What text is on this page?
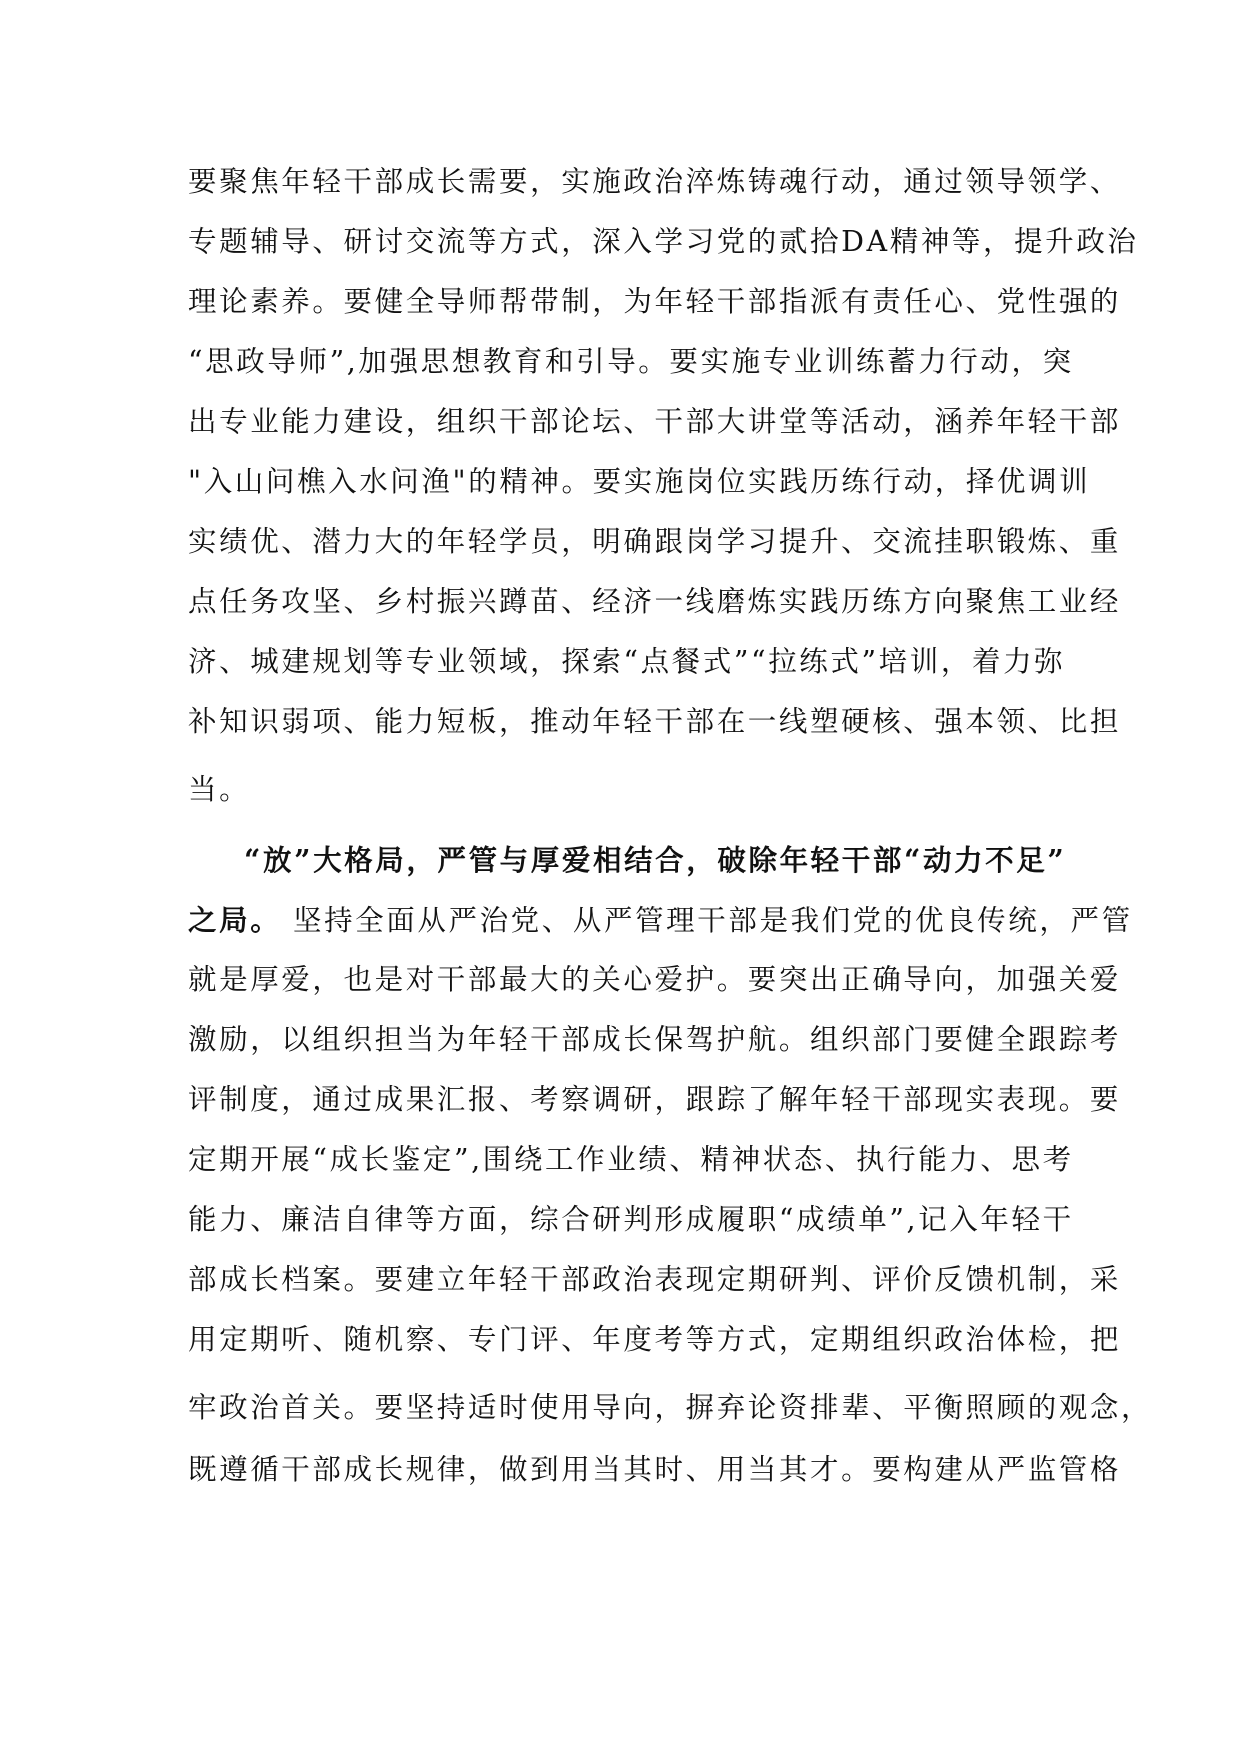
要聚焦年轻干部成长需要，实施政治淬炼铸魂行动，通过领导领学、
专题辅导、研讨交流等方式，深入学习党的贰拾DA精神等，提升政治
理论素养。要健全导师帮带制，为年轻干部指派有责任心、党性强的
“思政导师”,加强思想教育和引导。要实施专业训练蓄力行动，突
出专业能力建设，组织干部论坛、干部大讲堂等活动，涵养年轻干部
"入山问樵入水问渔"的精神。要实施岗位实践历练行动，择优调训
实绩优、潜力大的年轻学员，明确跟岗学习提升、交流挂职锻炼、重
点任务攻坚、乡村振兴蹲苗、经济一线磨炼实践历练方向聚焦工业经
济、城建规划等专业领域，探索“点餐式”“拉练式”培训，着力弥
补知识弱项、能力短板，推动年轻干部在一线塑硬核、强本领、比担
当。
“放”大格局，严管与厚爱相结合，破除年轻干部“动力不足”
之局。 坚持全面从严治党、从严管理干部是我们党的优良传统，严管
就是厚爱，也是对干部最大的关心爱护。要突出正确导向，加强关爱
激励，以组织担当为年轻干部成长保驾护航。组织部门要健全跟踪考
评制度，通过成果汇报、考察调研，跟踪了解年轻干部现实表现。要
定期开展“成长鉴定”,围绕工作业绩、精神状态、执行能力、思考
能力、廉洁自律等方面，综合研判形成履职“成绩单”,记入年轻干
部成长档案。要建立年轻干部政治表现定期研判、评价反馈机制，采
用定期听、随机察、专门评、年度考等方式，定期组织政治体检，把
牢政治首关。要坚持适时使用导向，摒弃论资排辈、平衡照顾的观念，
既遵循干部成长规律，做到用当其时、用当其才。要构建从严监管格
